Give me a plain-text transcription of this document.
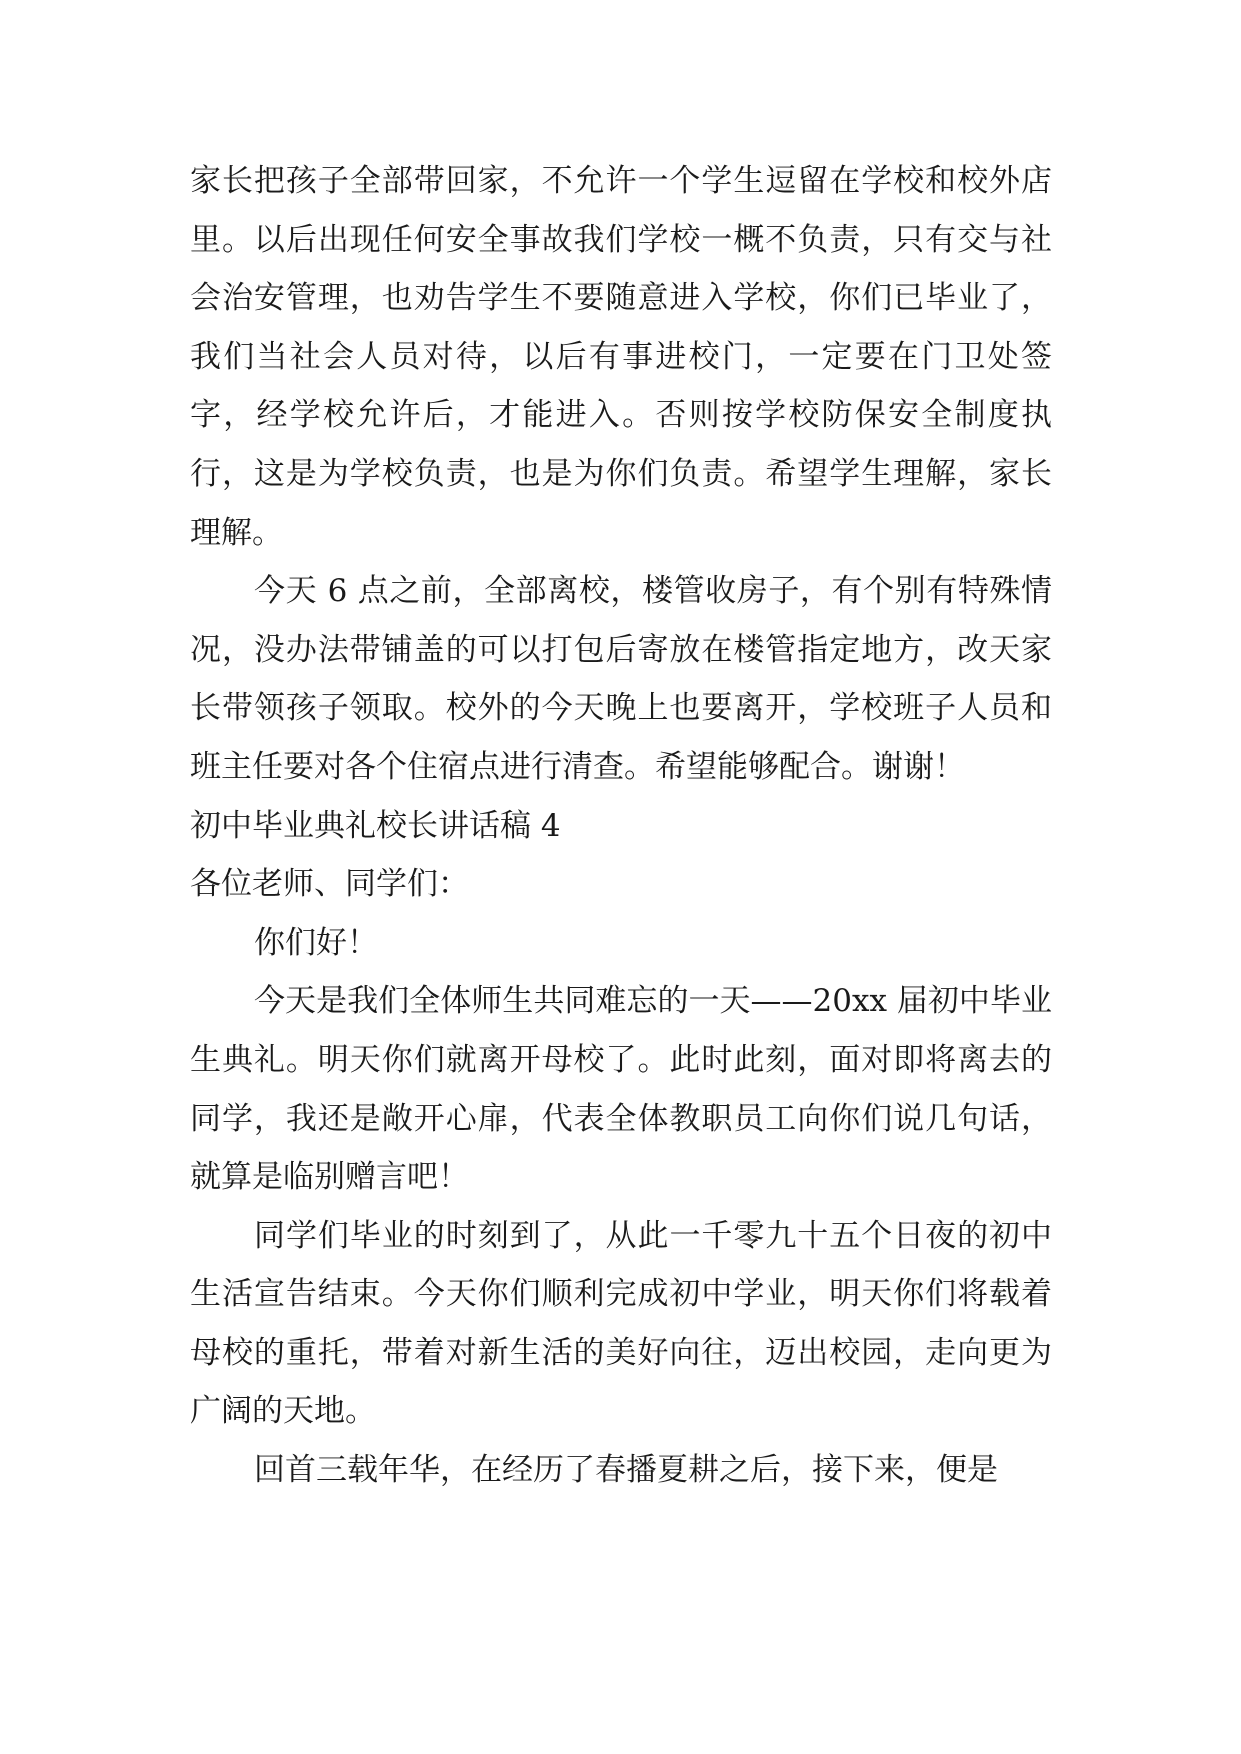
家长把孩子全部带回家，不允许一个学生逗留在学校和校外店里。以后出现任何安全事故我们学校一概不负责，只有交与社会治安管理，也劝告学生不要随意进入学校，你们已毕业了，我们当社会人员对待，以后有事进校门，一定要在门卫处签字，经学校允许后，才能进入。否则按学校防保安全制度执行，这是为学校负责，也是为你们负责。希望学生理解，家长理解。

今天 6 点之前，全部离校，楼管收房子，有个别有特殊情况，没办法带铺盖的可以打包后寄放在楼管指定地方，改天家长带领孩子领取。校外的今天晚上也要离开，学校班子人员和班主任要对各个住宿点进行清查。希望能够配合。谢谢！

初中毕业典礼校长讲话稿 4

各位老师、同学们：

你们好！

今天是我们全体师生共同难忘的一天——20xx 届初中毕业生典礼。明天你们就离开母校了。此时此刻，面对即将离去的同学，我还是敞开心扉，代表全体教职员工向你们说几句话，就算是临别赠言吧！

同学们毕业的时刻到了，从此一千零九十五个日夜的初中生活宣告结束。今天你们顺利完成初中学业，明天你们将载着母校的重托，带着对新生活的美好向往，迈出校园，走向更为广阔的天地。

回首三载年华，在经历了春播夏耕之后，接下来，便是
